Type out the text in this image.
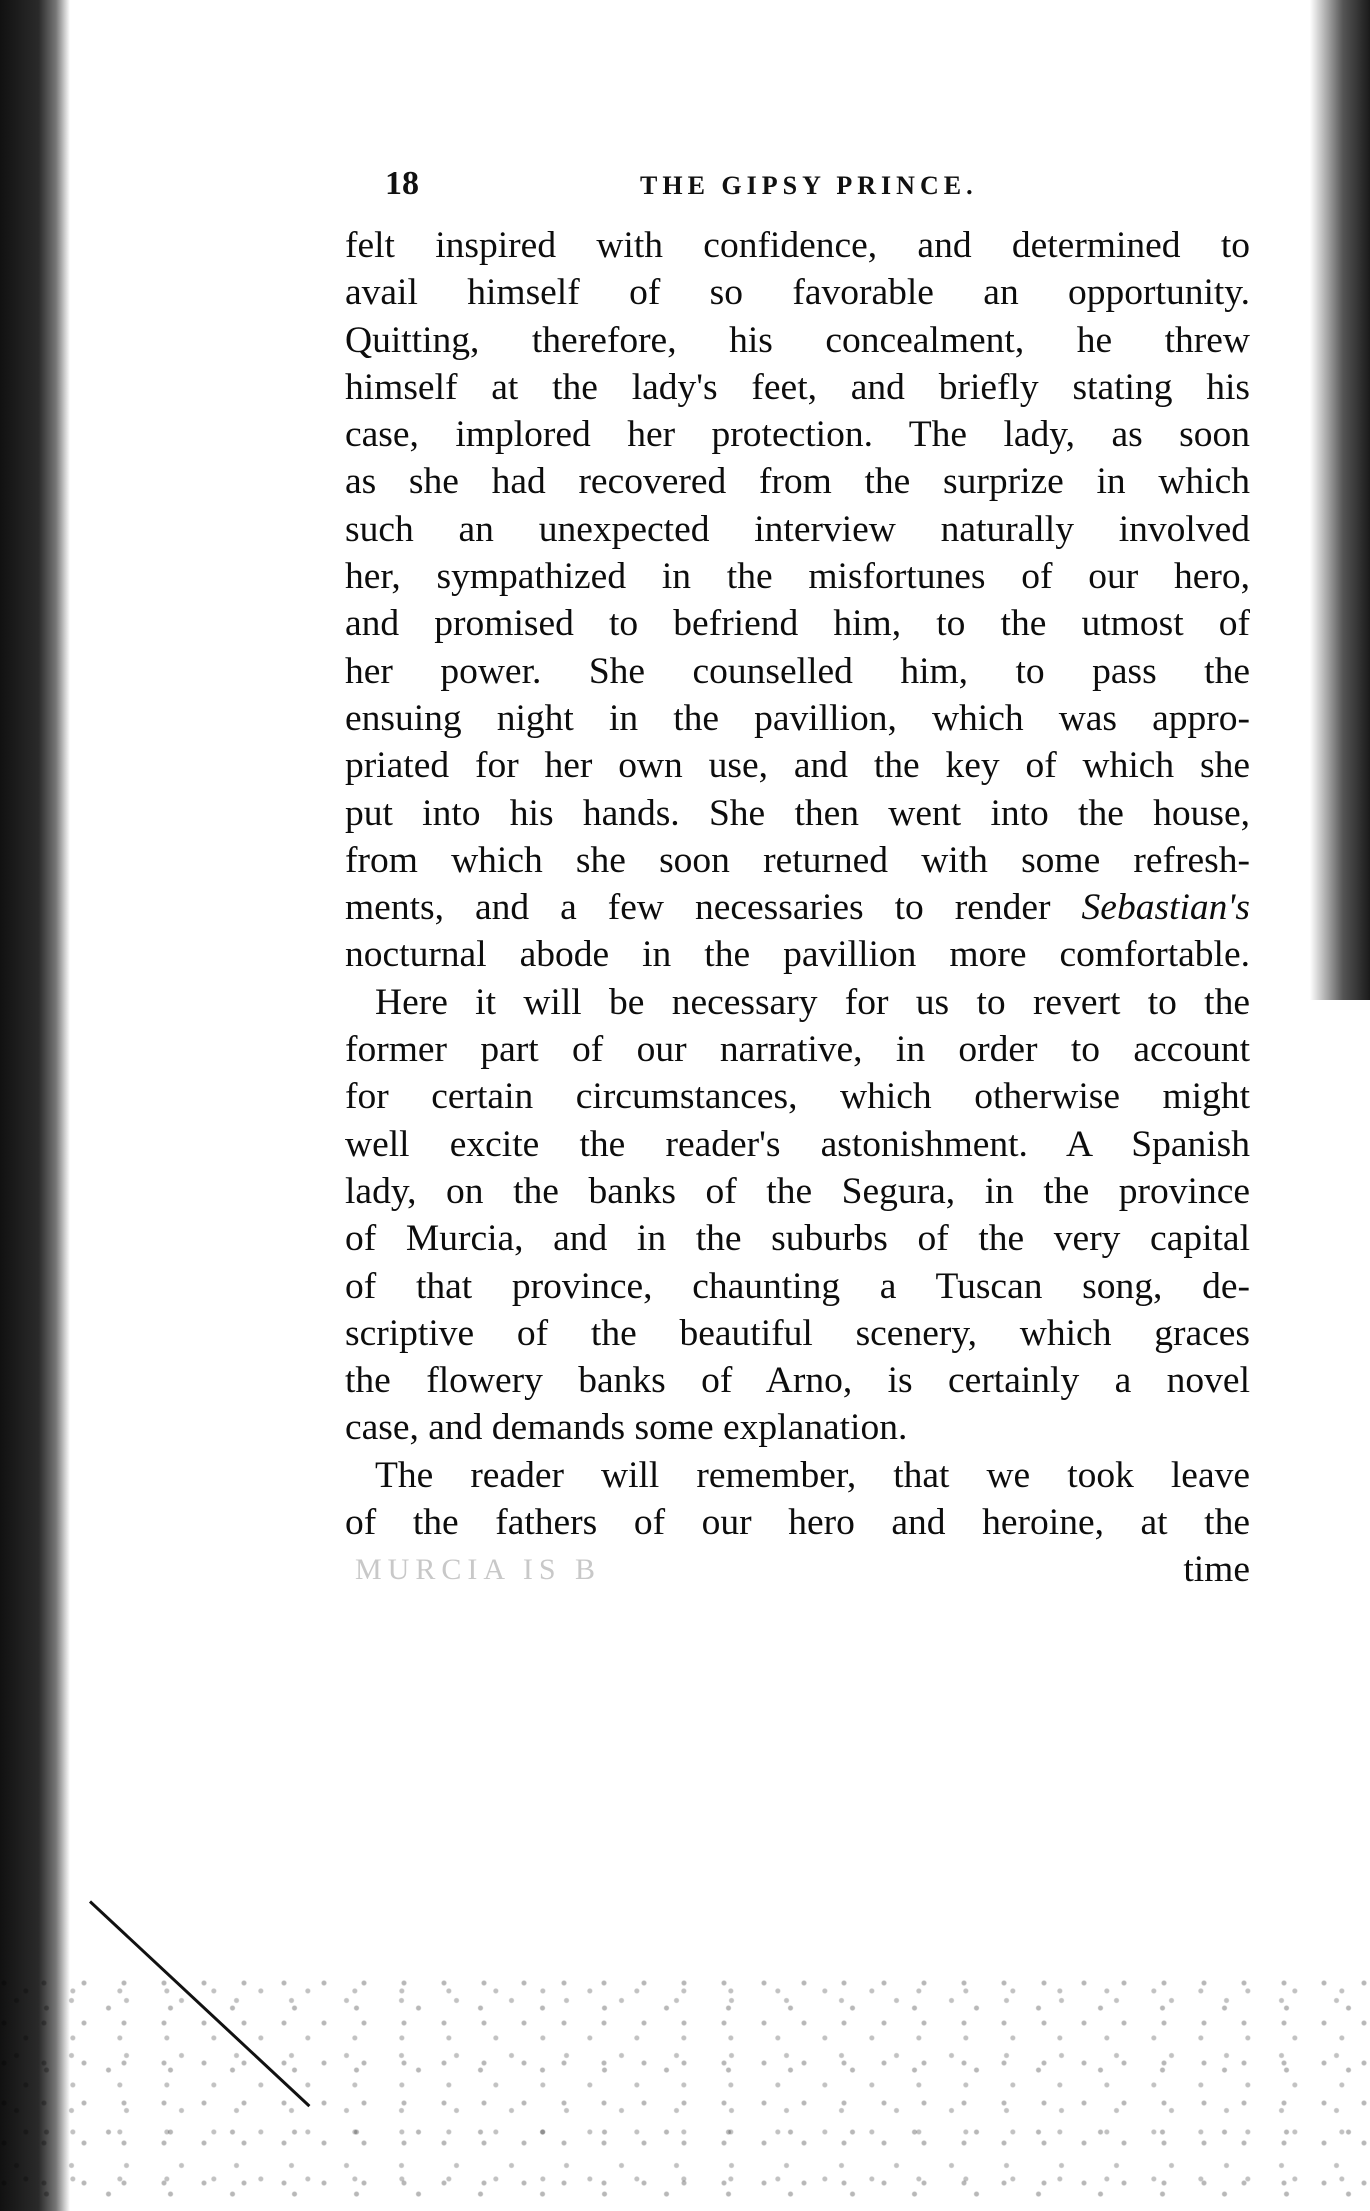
18	THE GIPSY PRINCE.
felt inspired with confidence, and determined to
avail himself of so favorable an opportunity.
Quitting, therefore, his concealment, he threw
himself at the lady's feet, and briefly stating his
case, implored her protection. The lady, as soon
as she had recovered from the surprize in which
such an unexpected interview naturally involved
her, sympathized in the misfortunes of our hero,
and promised to befriend him, to the utmost of
her power. She counselled him, to pass the
ensuing night in the pavillion, which was appro-
priated for her own use, and the key of which she
put into his hands. She then went into the house,
from which she soon returned with some refresh-
ments, and a few necessaries to render Sebastian's
nocturnal abode in the pavillion more comfortable.
Here it will be necessary for us to revert to the
former part of our narrative, in order to account
for certain circumstances, which otherwise might
well excite the reader's astonishment. A Spanish
lady, on the banks of the Segura, in the province
of Murcia, and in the suburbs of the very capital
of that province, chaunting a Tuscan song, de-
scriptive of the beautiful scenery, which graces
the flowery banks of Arno, is certainly a novel
case, and demands some explanation.
The reader will remember, that we took leave
of the fathers of our hero and heroine, at the
MURCIA IS B	time
